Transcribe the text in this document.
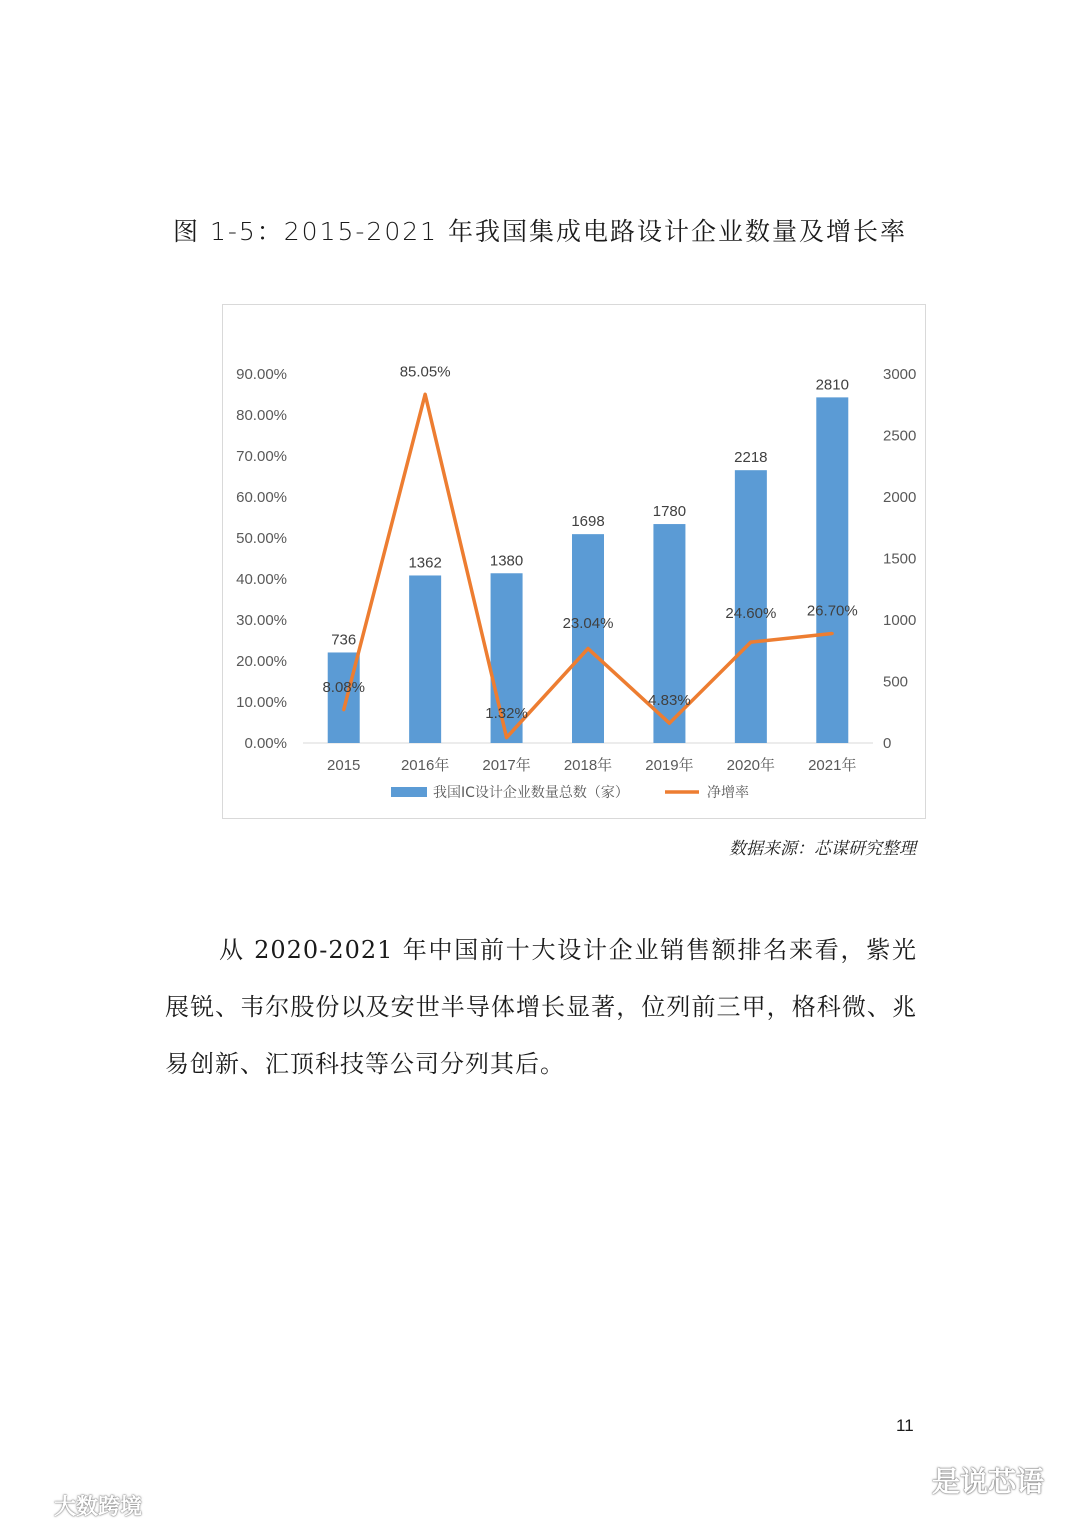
图 1-5：2015-2021 年我国集成电路设计企业数量及增长率
0.00%
10.00%
20.00%
30.00%
40.00%
50.00%
60.00%
70.00%
80.00%
90.00%
0
500
1000
1500
2000
2500
3000
736
1362	1380
1698
1780
2218
2810
2015	2016年 2017年 2018年 2019年 2020年 2021年
8.08%
85.05%
1.32%
23.04%
4.83%
24.60% 26.70%
我国IC设计企业数量总数（家）	净增率
数据来源：芯谋研究整理
从 2020-2021 年中国前十大设计企业销售额排名来看，紫光展锐、韦尔股份以及安世半导体增长显著，位列前三甲，格科微、兆易创新、汇顶科技等公司分列其后。
11
大数跨境
是说芯语
